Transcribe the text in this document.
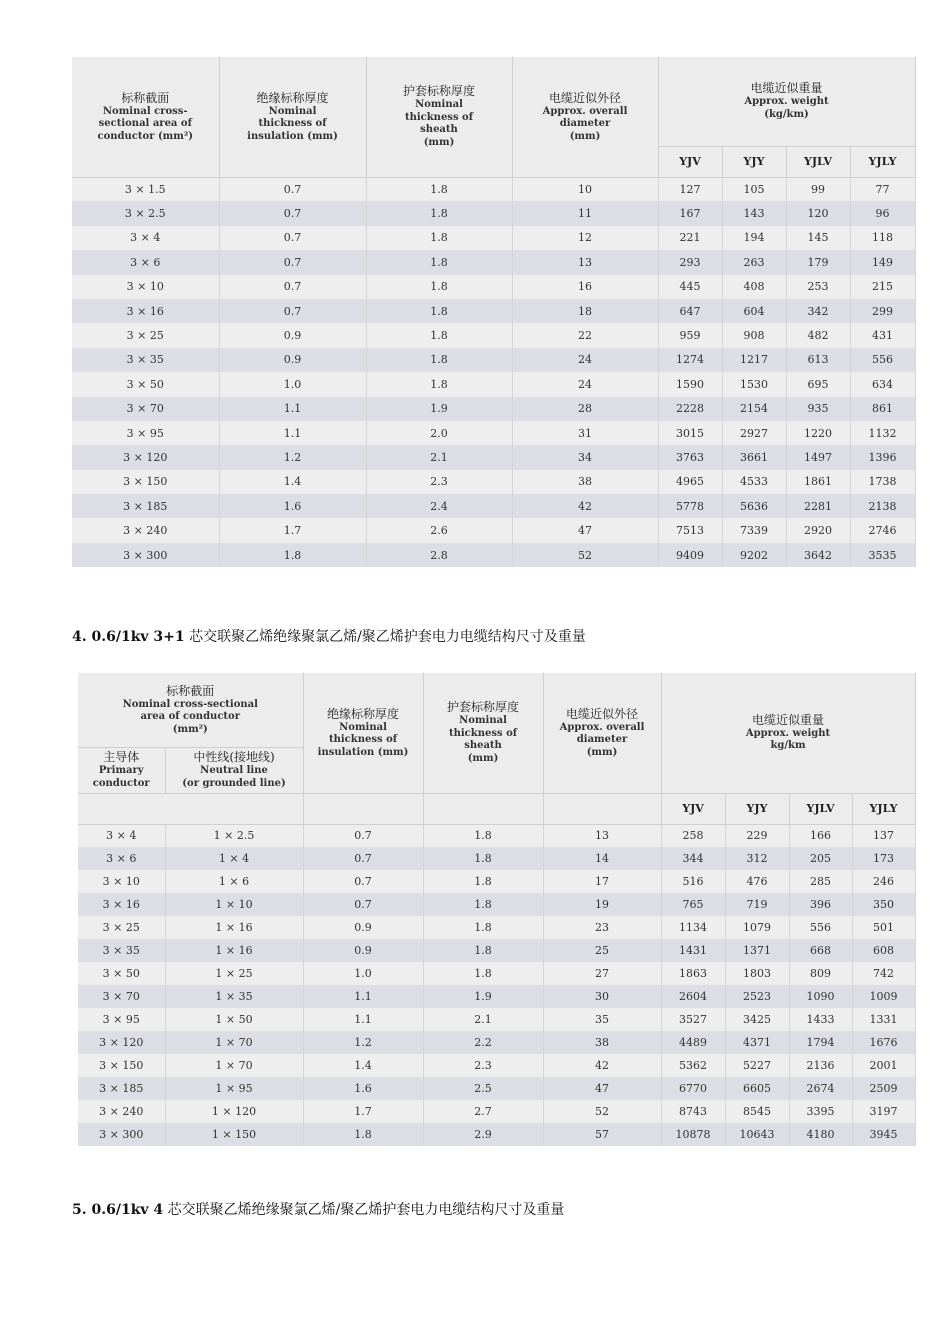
标称截面
Nominal cross-
sectional area of
conductor (mm²)	绝缘标称厚度
Nominal
thickness of
insulation (mm)	护套标称厚度
Nominal
thickness of
sheath
(mm)	电缆近似外径
Approx. overall
diameter
(mm)	电缆近似重量
Approx. weight
(kg/km)			

				YJV	YJY	YJLV	YJLY
3 × 1.5	0.7	1.8	10	127	105	99	77
3 × 2.5	0.7	1.8	11	167	143	120	96
3 × 4	0.7	1.8	12	221	194	145	118
3 × 6	0.7	1.8	13	293	263	179	149
3 × 10	0.7	1.8	16	445	408	253	215
3 × 16	0.7	1.8	18	647	604	342	299
3 × 25	0.9	1.8	22	959	908	482	431
3 × 35	0.9	1.8	24	1274	1217	613	556
3 × 50	1.0	1.8	24	1590	1530	695	634
3 × 70	1.1	1.9	28	2228	2154	935	861
3 × 95	1.1	2.0	31	3015	2927	1220	1132
3 × 120	1.2	2.1	34	3763	3661	1497	1396
3 × 150	1.4	2.3	38	4965	4533	1861	1738
3 × 185	1.6	2.4	42	5778	5636	2281	2138
3 × 240	1.7	2.6	47	7513	7339	2920	2746
3 × 300	1.8	2.8	52	9409	9202	3642	3535
4. 0.6/1kv 3+1 芯交联聚乙烯绝缘聚氯乙烯/聚乙烯护套电力电缆结构尺寸及重量
标称截面
Nominal cross-sectional
area of conductor
(mm²)		绝缘标称厚度
Nominal
thickness of
insulation (mm)	护套标称厚度
Nominal
thickness of
sheath
(mm)	电缆近似外径
Approx. overall
diameter
(mm)	电缆近似重量
Approx. weight
kg/km			

主导体
Primary
conductor	中性线(接地线)
Neutral line
(or grounded line)							

					YJV	YJY	YJLV	YJLY
3 × 4	1 × 2.5	0.7	1.8	13	258	229	166	137
3 × 6	1 × 4	0.7	1.8	14	344	312	205	173
3 × 10	1 × 6	0.7	1.8	17	516	476	285	246
3 × 16	1 × 10	0.7	1.8	19	765	719	396	350
3 × 25	1 × 16	0.9	1.8	23	1134	1079	556	501
3 × 35	1 × 16	0.9	1.8	25	1431	1371	668	608
3 × 50	1 × 25	1.0	1.8	27	1863	1803	809	742
3 × 70	1 × 35	1.1	1.9	30	2604	2523	1090	1009
3 × 95	1 × 50	1.1	2.1	35	3527	3425	1433	1331
3 × 120	1 × 70	1.2	2.2	38	4489	4371	1794	1676
3 × 150	1 × 70	1.4	2.3	42	5362	5227	2136	2001
3 × 185	1 × 95	1.6	2.5	47	6770	6605	2674	2509
3 × 240	1 × 120	1.7	2.7	52	8743	8545	3395	3197
3 × 300	1 × 150	1.8	2.9	57	10878	10643	4180	3945
5. 0.6/1kv 4 芯交联聚乙烯绝缘聚氯乙烯/聚乙烯护套电力电缆结构尺寸及重量
